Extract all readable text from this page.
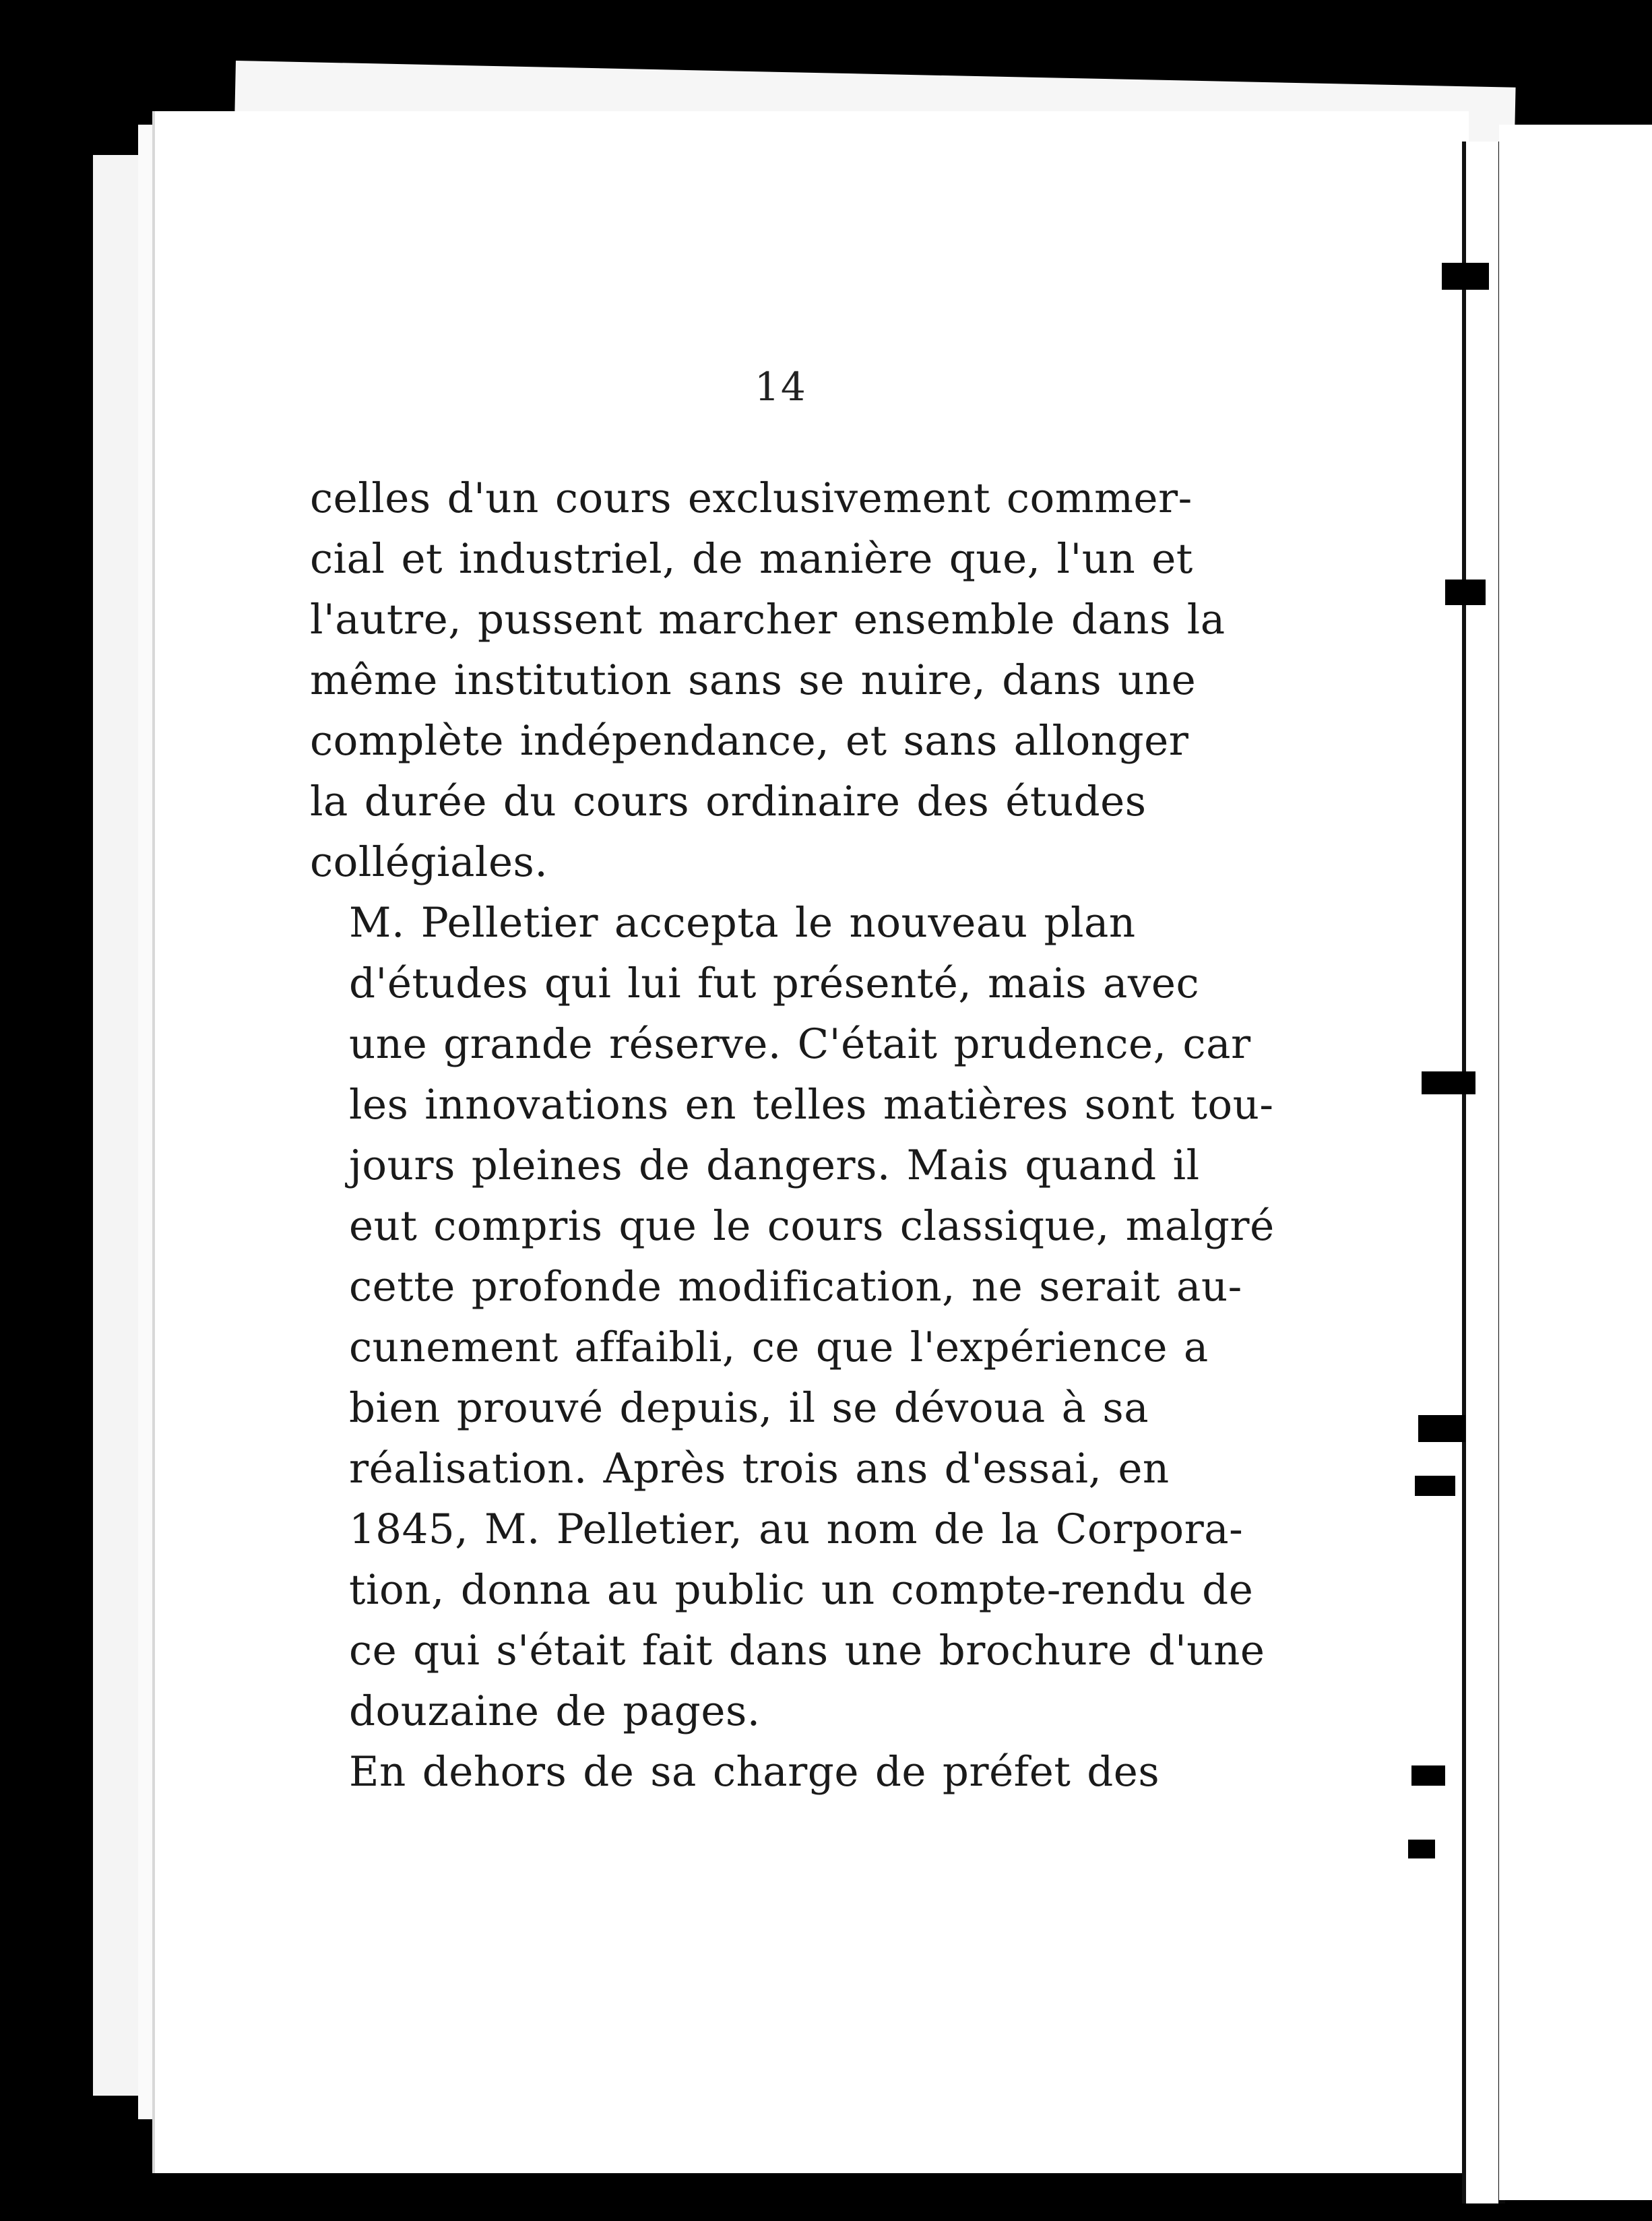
14

celles d'un cours exclusivement commer-
cial et industriel, de manière que, l'un et
l'autre, pussent marcher ensemble dans la
même institution sans se nuire, dans une
complète indépendance, et sans allonger
la durée du cours ordinaire des études
collégiales.

M. Pelletier accepta le nouveau plan
d'études qui lui fut présenté, mais avec
une grande réserve. C'était prudence, car
les innovations en telles matières sont tou-
jours pleines de dangers. Mais quand il
eut compris que le cours classique, malgré
cette profonde modification, ne serait au-
cunement affaibli, ce que l'expérience a
bien prouvé depuis, il se dévoua à sa
réalisation. Après trois ans d'essai, en
1845, M. Pelletier, au nom de la Corpora-
tion, donna au public un compte-rendu de
ce qui s'était fait dans une brochure d'une
douzaine de pages.

En dehors de sa charge de préfet des
